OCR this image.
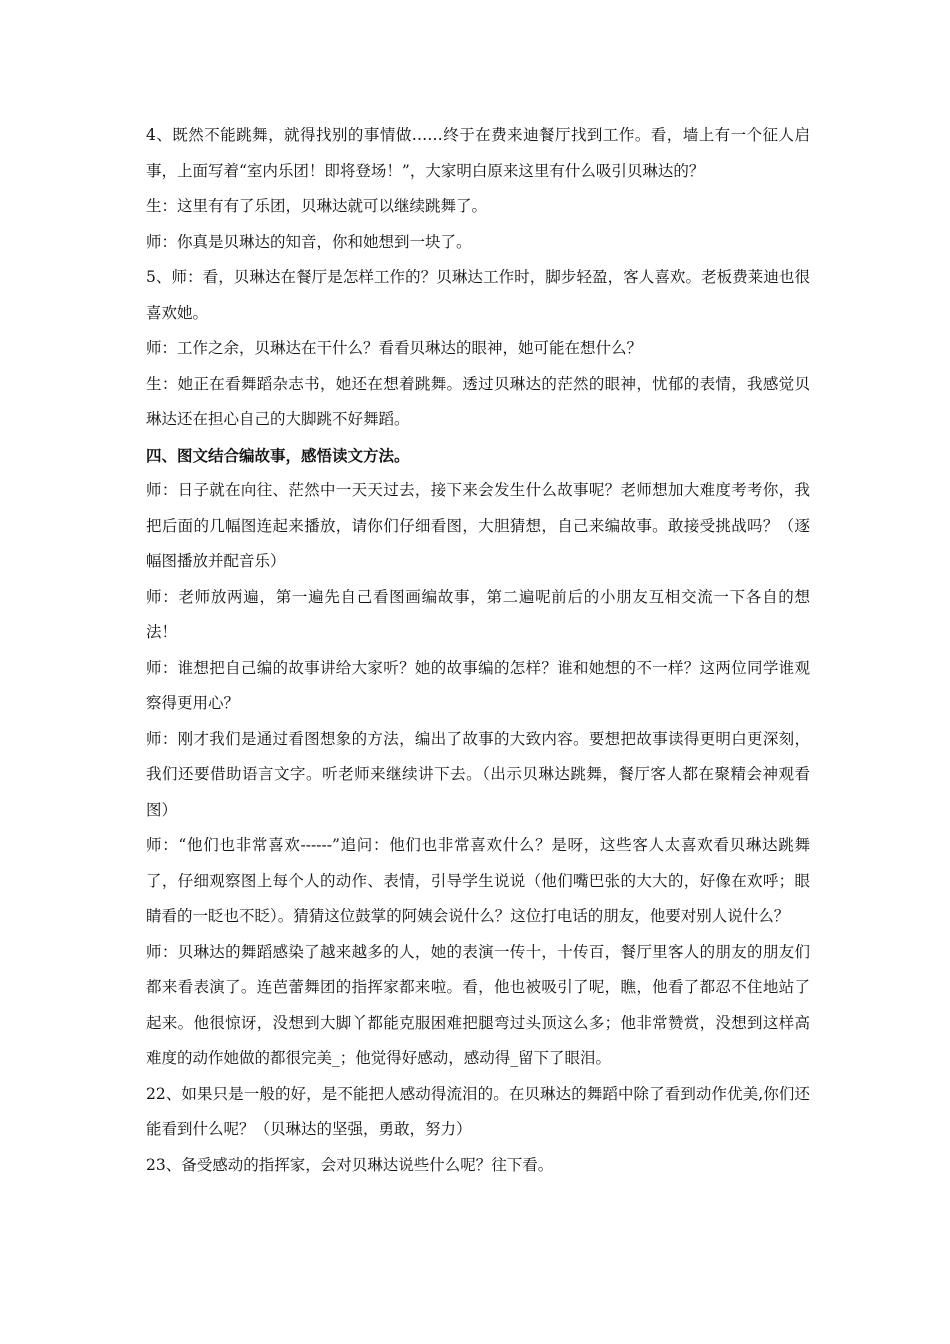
4、既然不能跳舞，就得找别的事情做……终于在费来迪餐厅找到工作。看，墙上有一个征人启事，上面写着“室内乐团！即将登场！”，大家明白原来这里有什么吸引贝琳达的？

生：这里有有了乐团，贝琳达就可以继续跳舞了。

师：你真是贝琳达的知音，你和她想到一块了。

5、师：看，贝琳达在餐厅是怎样工作的？贝琳达工作时，脚步轻盈，客人喜欢。老板费莱迪也很喜欢她。

师：工作之余，贝琳达在干什么？看看贝琳达的眼神，她可能在想什么？

生：她正在看舞蹈杂志书，她还在想着跳舞。透过贝琳达的茫然的眼神，忧郁的表情，我感觉贝琳达还在担心自己的大脚跳不好舞蹈。

四、图文结合编故事，感悟读文方法。

师：日子就在向往、茫然中一天天过去，接下来会发生什么故事呢？老师想加大难度考考你，我把后面的几幅图连起来播放，请你们仔细看图，大胆猜想，自己来编故事。敢接受挑战吗？（逐幅图播放并配音乐）

师：老师放两遍，第一遍先自己看图画编故事，第二遍呢前后的小朋友互相交流一下各自的想法！

师：谁想把自己编的故事讲给大家听？她的故事编的怎样？谁和她想的不一样？这两位同学谁观察得更用心？

师：刚才我们是通过看图想象的方法，编出了故事的大致内容。要想把故事读得更明白更深刻，我们还要借助语言文字。听老师来继续讲下去。（出示贝琳达跳舞，餐厅客人都在聚精会神观看图）

师：“他们也非常喜欢------”追问：他们也非常喜欢什么？是呀，这些客人太喜欢看贝琳达跳舞了，仔细观察图上每个人的动作、表情，引导学生说说（他们嘴巴张的大大的，好像在欢呼；眼睛看的一眨也不眨）。猜猜这位鼓掌的阿姨会说什么？这位打电话的朋友，他要对别人说什么？

师：贝琳达的舞蹈感染了越来越多的人，她的表演一传十，十传百，餐厅里客人的朋友的朋友们都来看表演了。连芭蕾舞团的指挥家都来啦。看，他也被吸引了呢，瞧，他看了都忍不住地站了起来。他很惊讶，没想到大脚丫都能克服困难把腿弯过头顶这么多；他非常赞赏，没想到这样高难度的动作她做的都很完美_；他觉得好感动，感动得_留下了眼泪。

22、如果只是一般的好，是不能把人感动得流泪的。在贝琳达的舞蹈中除了看到动作优美,你们还能看到什么呢？（贝琳达的坚强，勇敢，努力）

23、备受感动的指挥家，会对贝琳达说些什么呢？往下看。
